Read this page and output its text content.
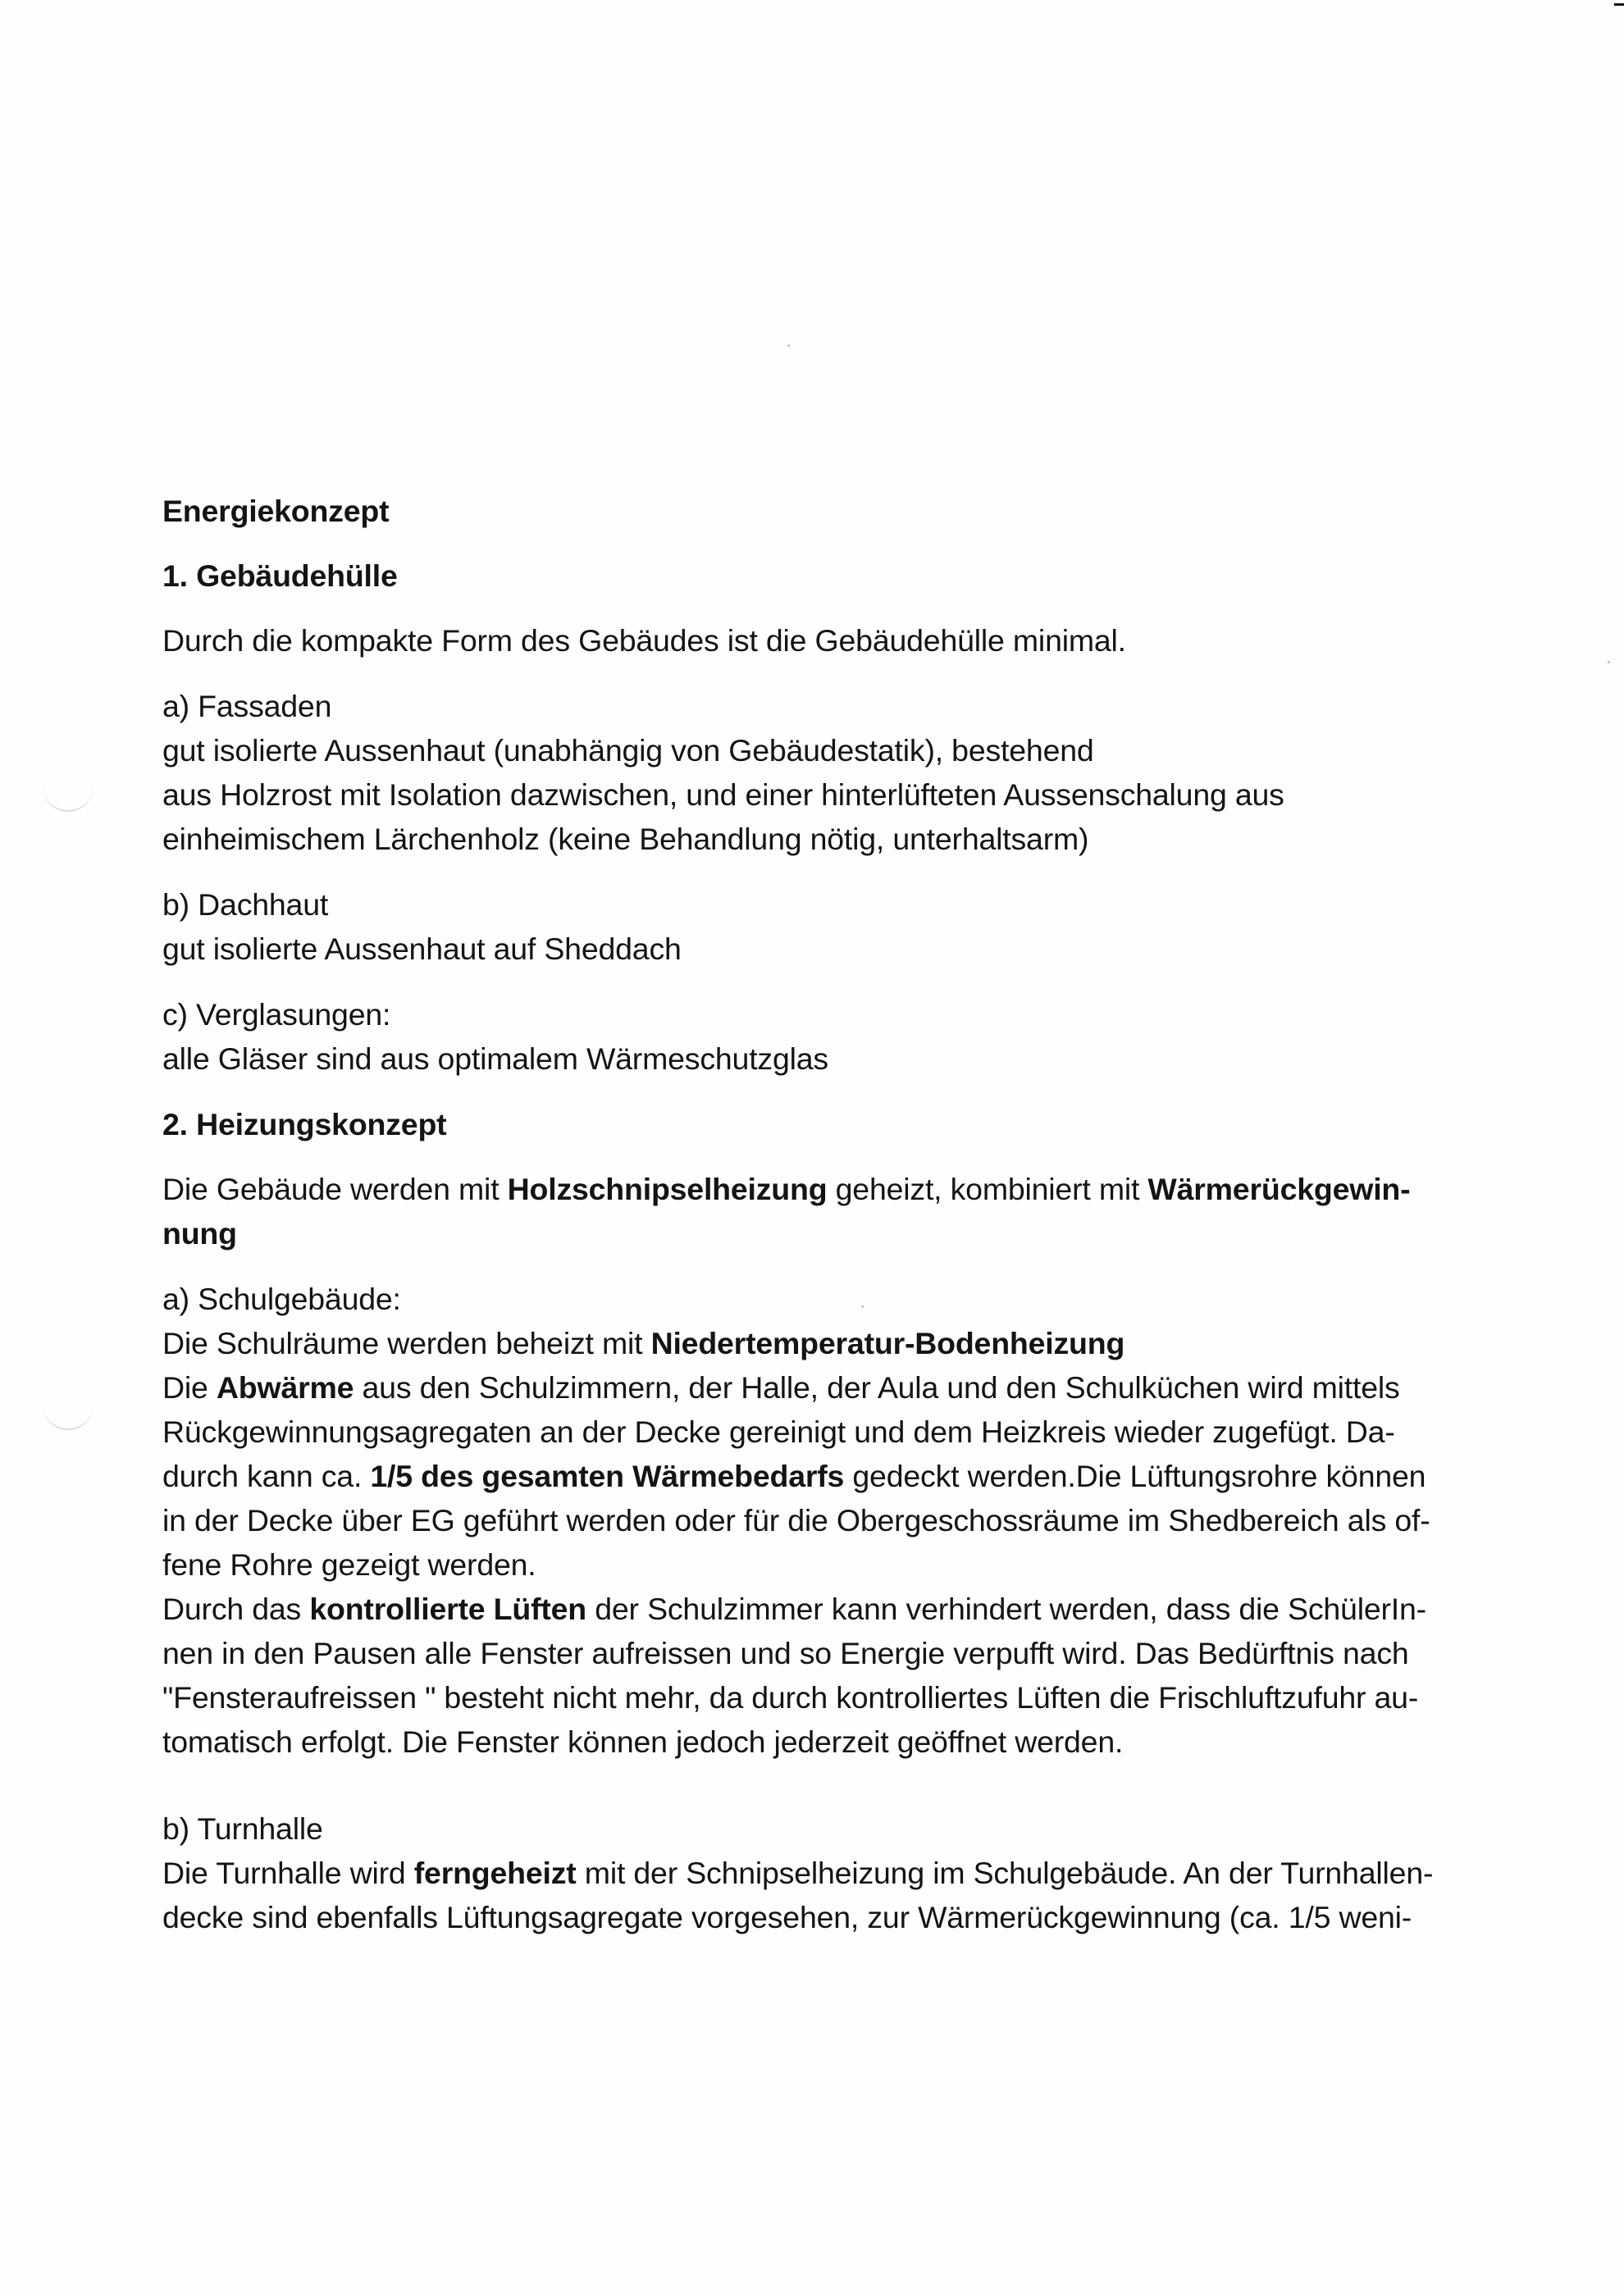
Energiekonzept

1. Gebäudehülle

Durch die kompakte Form des Gebäudes ist die Gebäudehülle minimal.

a) Fassaden

gut isolierte Aussenhaut (unabhängig von Gebäudestatik), bestehend

aus Holzrost mit Isolation dazwischen, und einer hinterlüfteten Aussenschalung aus

einheimischem Lärchenholz (keine Behandlung nötig, unterhaltsarm)

b) Dachhaut

gut isolierte Aussenhaut auf Sheddach

c) Verglasungen:

alle Gläser sind aus optimalem Wärmeschutzglas

2. Heizungskonzept

Die Gebäude werden mit Holzschnipselheizung geheizt, kombiniert mit Wärmerückgewin-

nung

a) Schulgebäude:

Die Schulräume werden beheizt mit Niedertemperatur-Bodenheizung

Die Abwärme aus den Schulzimmern, der Halle, der Aula und den Schulküchen wird mittels

Rückgewinnungsagregaten an der Decke gereinigt und dem Heizkreis wieder zugefügt. Da-

durch kann ca. 1/5 des gesamten Wärmebedarfs gedeckt werden.Die Lüftungsrohre können

in der Decke über EG geführt werden oder für die Obergeschossräume im Shedbereich als of-

fene Rohre gezeigt werden.

Durch das kontrollierte Lüften der Schulzimmer kann verhindert werden, dass die SchülerIn-

nen in den Pausen alle Fenster aufreissen und so Energie verpufft wird. Das Bedürftnis nach

"Fensteraufreissen " besteht nicht mehr, da durch kontrolliertes Lüften die Frischluftzufuhr au-

tomatisch erfolgt. Die Fenster können jedoch jederzeit geöffnet werden.

b) Turnhalle

Die Turnhalle wird ferngeheizt mit der Schnipselheizung im Schulgebäude. An der Turnhallen-

decke sind ebenfalls Lüftungsagregate vorgesehen, zur Wärmerückgewinnung (ca. 1/5 weni-
